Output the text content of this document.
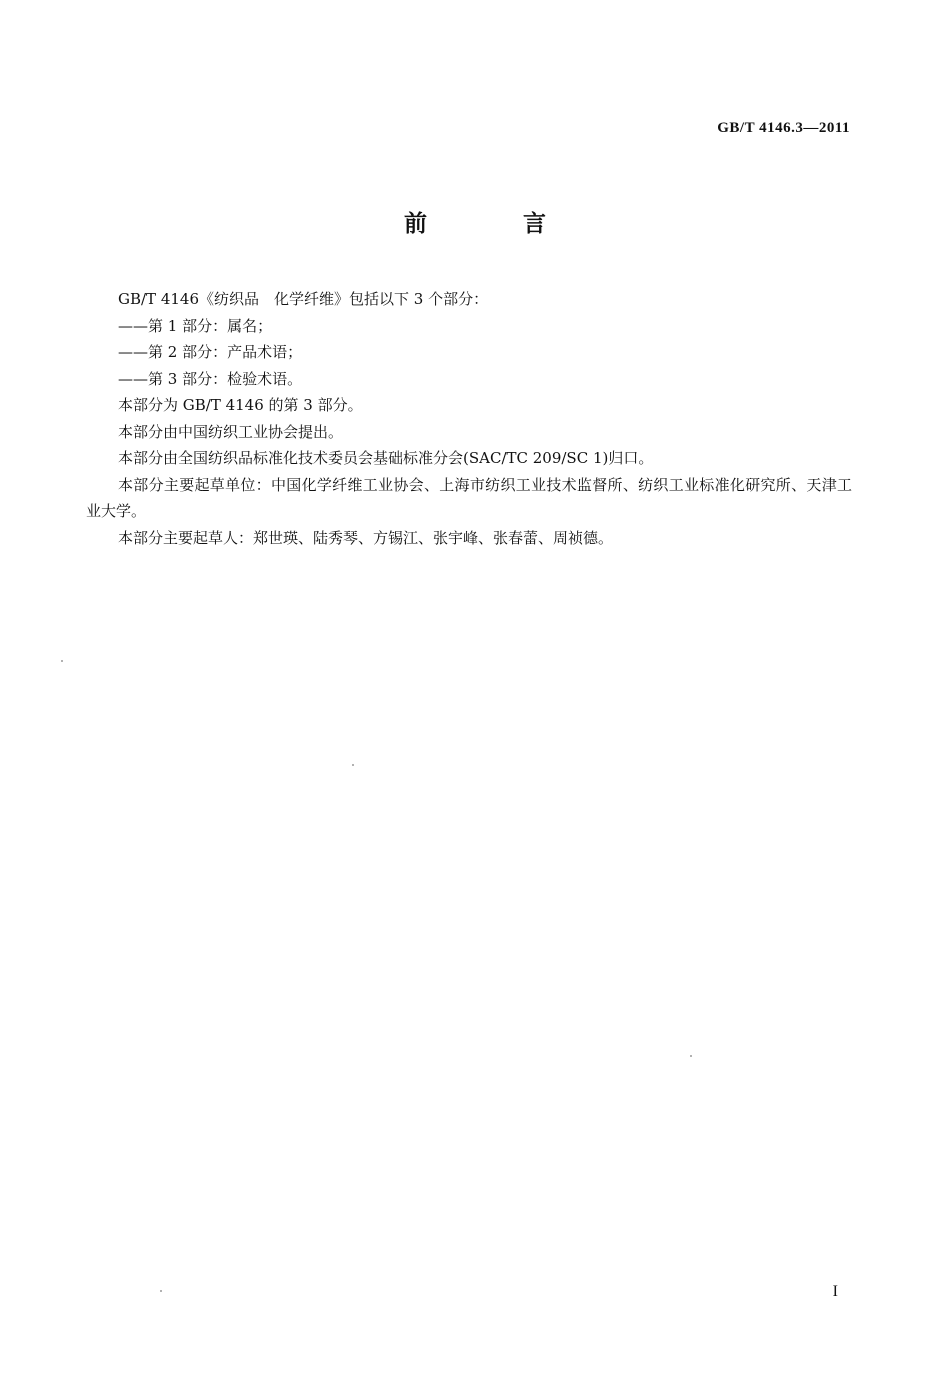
GB/T 4146.3—2011
前 言

GB/T 4146《纺织品　化学纤维》包括以下 3 个部分：

——第 1 部分：属名；

——第 2 部分：产品术语；

——第 3 部分：检验术语。

本部分为 GB/T 4146 的第 3 部分。

本部分由中国纺织工业协会提出。

本部分由全国纺织品标准化技术委员会基础标准分会(SAC/TC 209/SC 1)归口。

本部分主要起草单位：中国化学纤维工业协会、上海市纺织工业技术监督所、纺织工业标准化研究所、天津工业大学。

本部分主要起草人：郑世瑛、陆秀琴、方锡江、张宇峰、张春蕾、周祯德。

I
